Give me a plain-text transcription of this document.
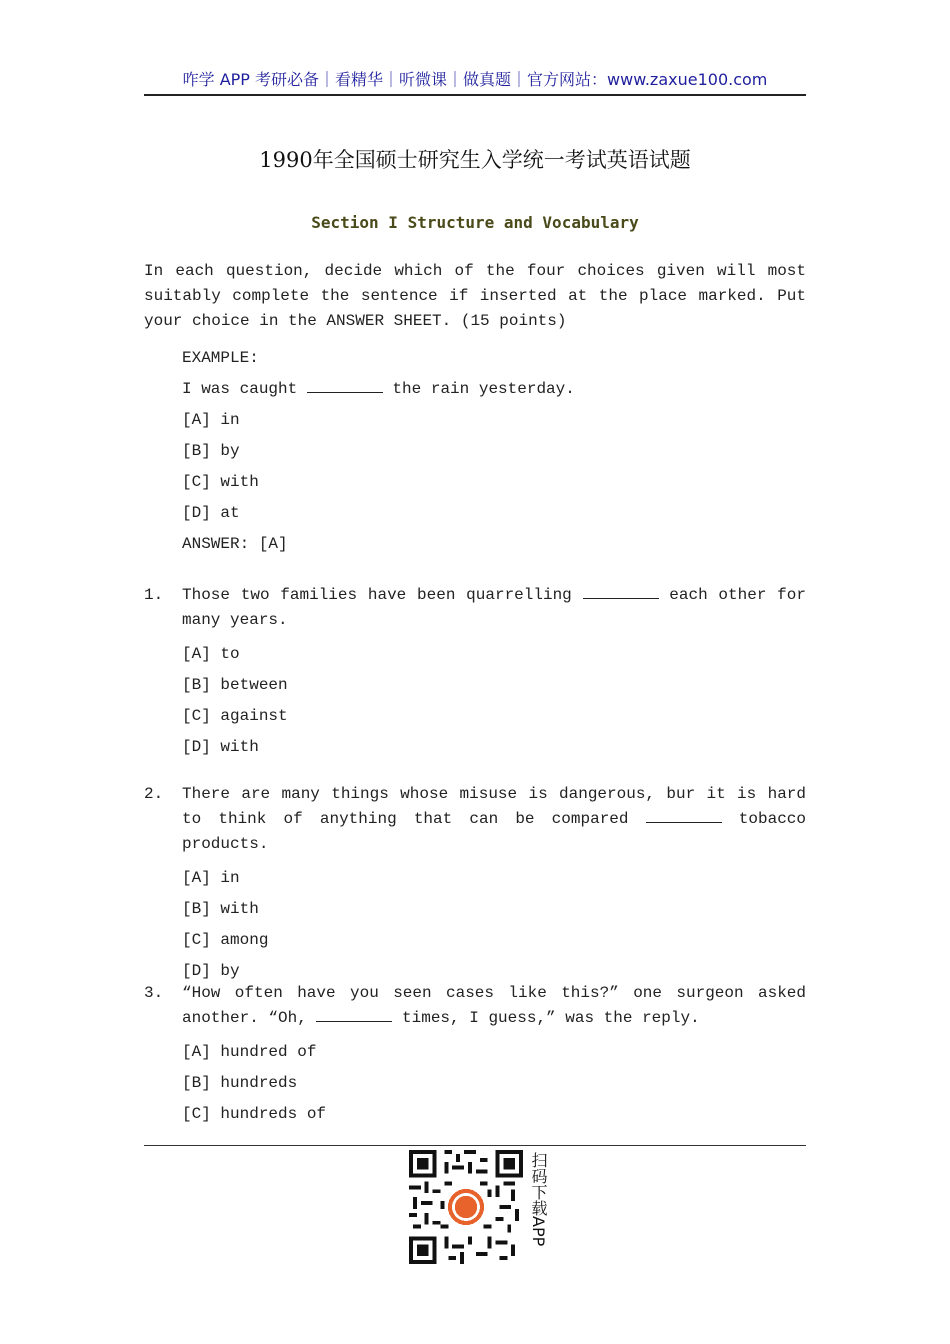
咋学 APP 考研必备｜看精华｜听微课｜做真题｜官方网站：www.zaxue100.com
1990年全国硕士研究生入学统一考试英语试题
Section I Structure and Vocabulary
In each question, decide which of the four choices given will most suitably complete the sentence if inserted at the place marked. Put your choice in the ANSWER SHEET. (15 points)
EXAMPLE:
I was caught	the rain yesterday.
[A] in
[B] by
[C] with
[D] at
ANSWER: [A]
1.	Those two families have been quarrelling	each other for many years.
[A] to
[B] between
[C] against
[D] with
2.	There are many things whose misuse is dangerous, bur it is hard to think of anything that can be compared	tobacco products.
[A] in
[B] with
[C] among
[D] by
3.	“How often have you seen cases like this?” one surgeon asked another. “Oh,	times, I guess,” was the reply.
[A] hundred of
[B] hundreds
[C] hundreds of
扫码下载APP
